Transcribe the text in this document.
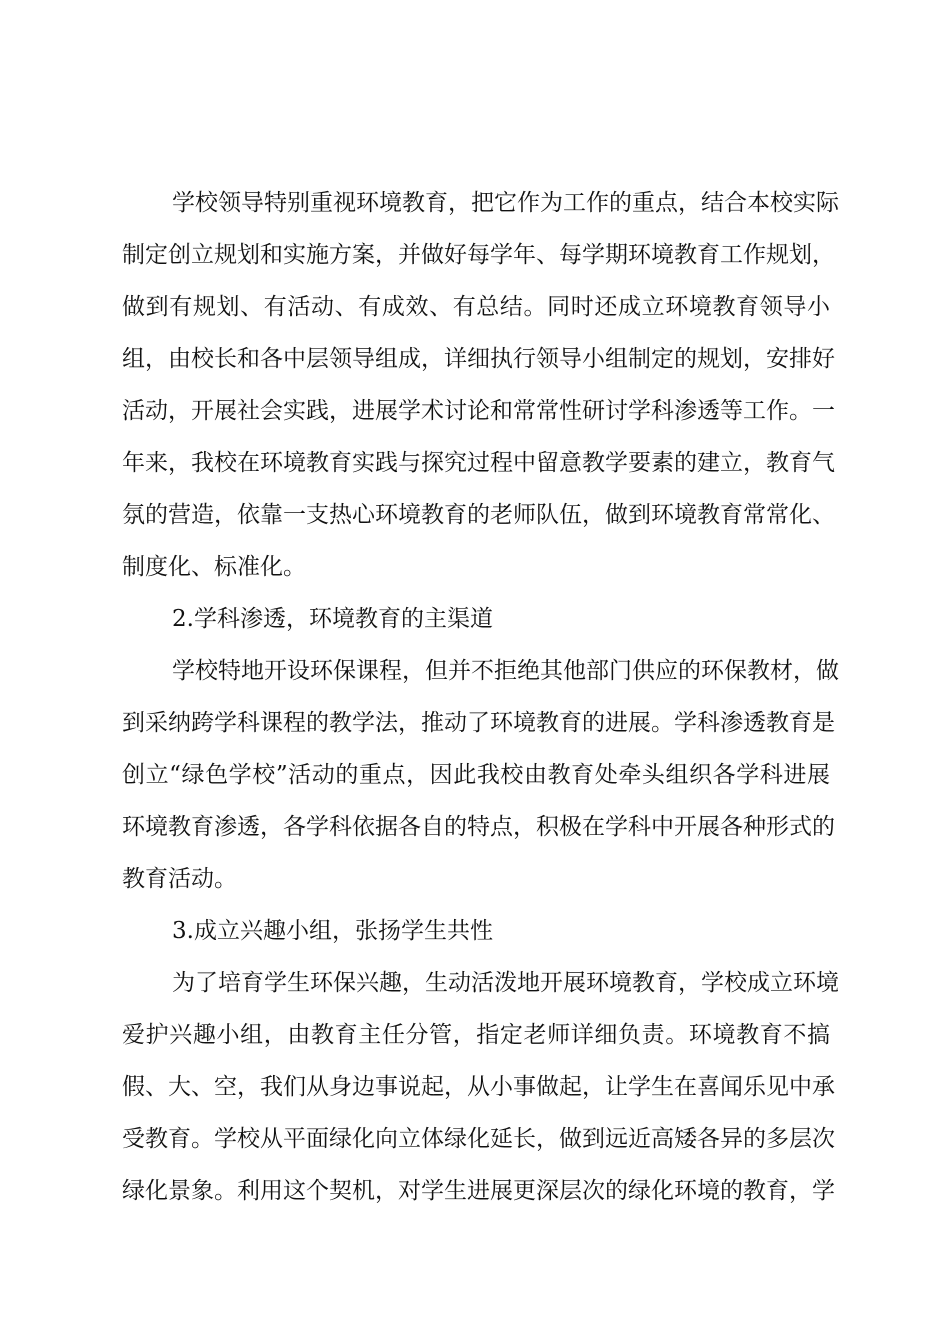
学校领导特别重视环境教育，把它作为工作的重点，结合本校实际
制定创立规划和实施方案，并做好每学年、每学期环境教育工作规划，
做到有规划、有活动、有成效、有总结。同时还成立环境教育领导小
组，由校长和各中层领导组成，详细执行领导小组制定的规划，安排好
活动，开展社会实践，进展学术讨论和常常性研讨学科渗透等工作。一
年来，我校在环境教育实践与探究过程中留意教学要素的建立，教育气
氛的营造，依靠一支热心环境教育的老师队伍，做到环境教育常常化、
制度化、标准化。
2.学科渗透，环境教育的主渠道
学校特地开设环保课程，但并不拒绝其他部门供应的环保教材，做
到采纳跨学科课程的教学法，推动了环境教育的进展。学科渗透教育是
创立“绿色学校”活动的重点，因此我校由教育处牵头组织各学科进展
环境教育渗透，各学科依据各自的特点，积极在学科中开展各种形式的
教育活动。
3.成立兴趣小组，张扬学生共性
为了培育学生环保兴趣，生动活泼地开展环境教育，学校成立环境
爱护兴趣小组，由教育主任分管，指定老师详细负责。环境教育不搞
假、大、空，我们从身边事说起，从小事做起，让学生在喜闻乐见中承
受教育。学校从平面绿化向立体绿化延长，做到远近高矮各异的多层次
绿化景象。利用这个契机，对学生进展更深层次的绿化环境的教育，学
